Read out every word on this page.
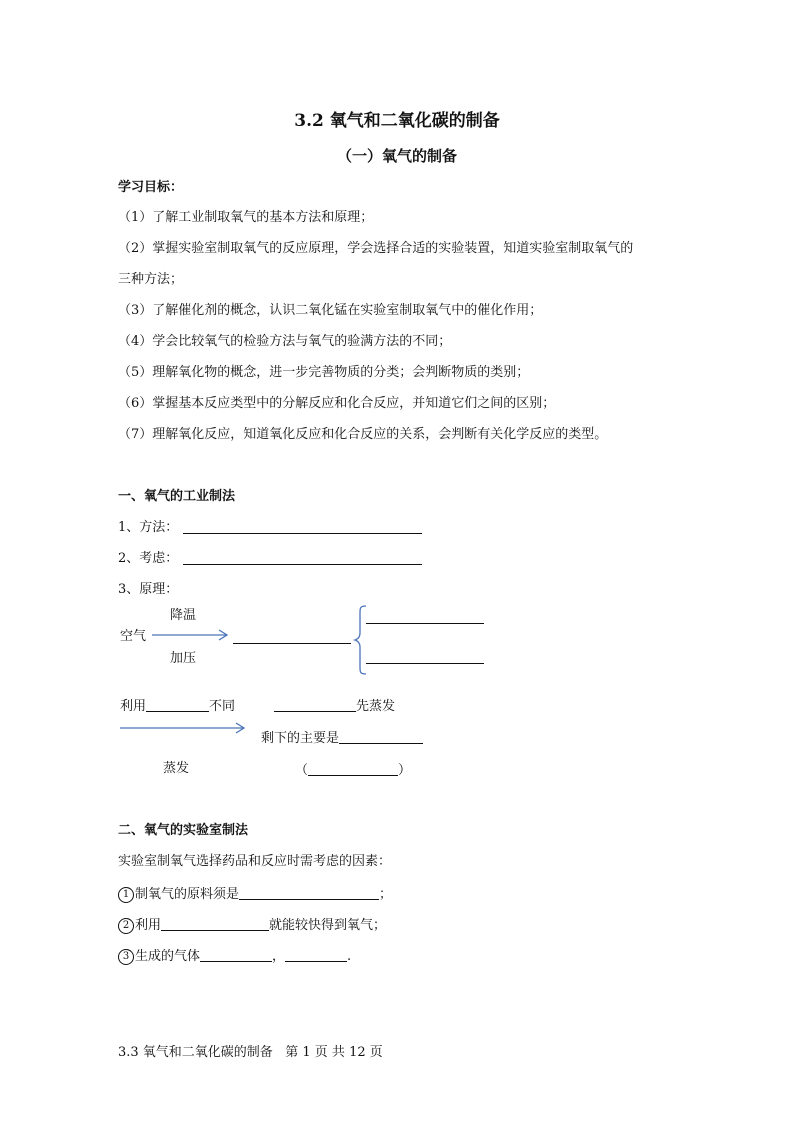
3.2 氧气和二氧化碳的制备
（一）氧气的制备
学习目标：
（1）了解工业制取氧气的基本方法和原理；
（2）掌握实验室制取氧气的反应原理，学会选择合适的实验装置，知道实验室制取氧气的
三种方法；
（3）了解催化剂的概念，认识二氧化锰在实验室制取氧气中的催化作用；
（4）学会比较氧气的检验方法与氧气的验满方法的不同；
（5）理解氧化物的概念，进一步完善物质的分类；会判断物质的类别；
（6）掌握基本反应类型中的分解反应和化合反应，并知道它们之间的区别；
（7）理解氧化反应，知道氧化反应和化合反应的关系，会判断有关化学反应的类型。
一、氧气的工业制法
1、方法：
2、考虑：
3、原理：
降温
空气
加压
利用	不同	先蒸发
剩下的主要是
蒸发	（	）
二、氧气的实验室制法
实验室制氧气选择药品和反应时需考虑的因素：
1 制氧气的原料须是	；
2 利用	就能较快得到氧气；
3 生成的气体	，	.
3.3 氧气和二氧化碳的制备 第 1 页 共 12 页
